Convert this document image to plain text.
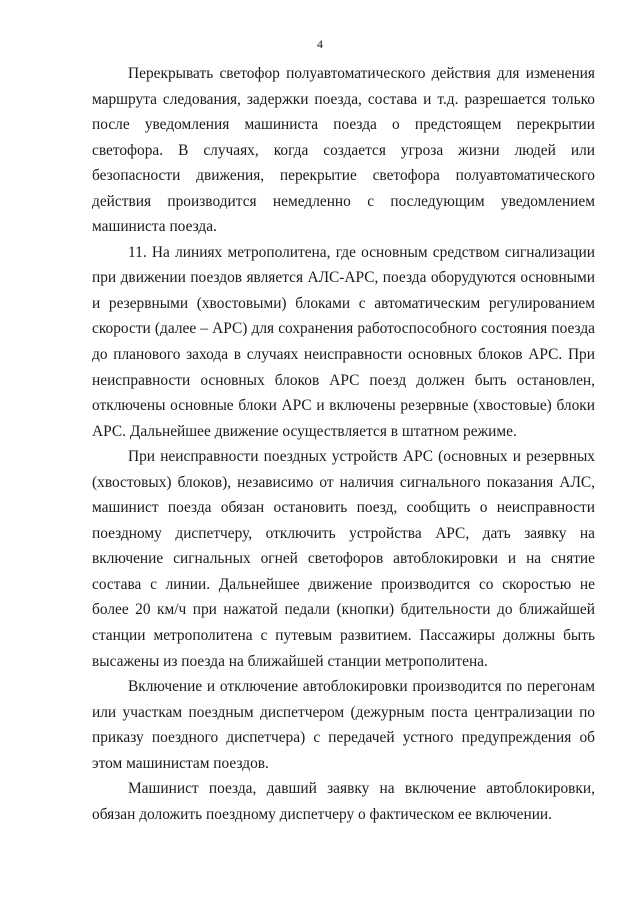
4

Перекрывать светофор полуавтоматического действия для изменения маршрута следования, задержки поезда, состава и т.д. разрешается только после уведомления машиниста поезда о предстоящем перекрытии светофора. В случаях, когда создается угроза жизни людей или безопасности движения, перекрытие светофора полуавтоматического действия производится немедленно с последующим уведомлением машиниста поезда.

11. На линиях метрополитена, где основным средством сигнализации при движении поездов является АЛС-АРС, поезда оборудуются основными и резервными (хвостовыми) блоками с автоматическим регулированием скорости (далее – АРС) для сохранения работоспособного состояния поезда до планового захода в случаях неисправности основных блоков АРС. При неисправности основных блоков АРС поезд должен быть остановлен, отключены основные блоки АРС и включены резервные (хвостовые) блоки АРС. Дальнейшее движение осуществляется в штатном режиме.

При неисправности поездных устройств АРС (основных и резервных (хвостовых) блоков), независимо от наличия сигнального показания АЛС, машинист поезда обязан остановить поезд, сообщить о неисправности поездному диспетчеру, отключить устройства АРС, дать заявку на включение сигнальных огней светофоров автоблокировки и на снятие состава с линии. Дальнейшее движение производится со скоростью не более 20 км/ч при нажатой педали (кнопки) бдительности до ближайшей станции метрополитена с путевым развитием. Пассажиры должны быть высажены из поезда на ближайшей станции метрополитена.

Включение и отключение автоблокировки производится по перегонам или участкам поездным диспетчером (дежурным поста централизации по приказу поездного диспетчера) с передачей устного предупреждения об этом машинистам поездов.

Машинист поезда, давший заявку на включение автоблокировки, обязан доложить поездному диспетчеру о фактическом ее включении.
